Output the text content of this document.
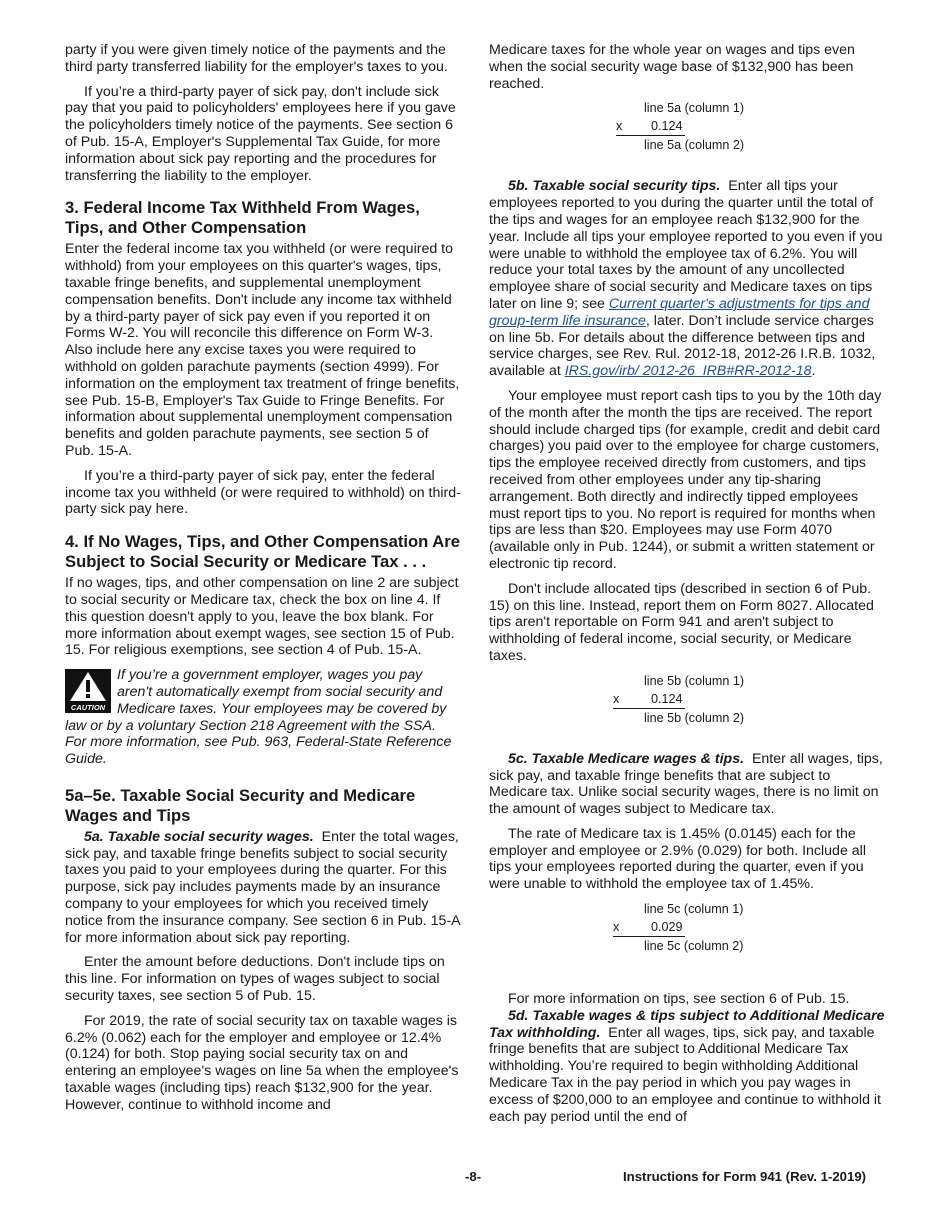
party if you were given timely notice of the payments and the third party transferred liability for the employer's taxes to you.

If you’re a third-party payer of sick pay, don't include sick pay that you paid to policyholders' employees here if you gave the policyholders timely notice of the payments. See section 6 of Pub. 15-A, Employer's Supplemental Tax Guide, for more information about sick pay reporting and the procedures for transferring the liability to the employer.

3. Federal Income Tax Withheld From Wages, Tips, and Other Compensation

Enter the federal income tax you withheld (or were required to withhold) from your employees on this quarter's wages, tips, taxable fringe benefits, and supplemental unemployment compensation benefits. Don't include any income tax withheld by a third-party payer of sick pay even if you reported it on Forms W-2. You will reconcile this difference on Form W-3. Also include here any excise taxes you were required to withhold on golden parachute payments (section 4999). For information on the employment tax treatment of fringe benefits, see Pub. 15-B, Employer's Tax Guide to Fringe Benefits. For information about supplemental unemployment compensation benefits and golden parachute payments, see section 5 of Pub. 15-A.

If you’re a third-party payer of sick pay, enter the federal income tax you withheld (or were required to withhold) on third-party sick pay here.

4. If No Wages, Tips, and Other Compensation Are Subject to Social Security or Medicare Tax . . .

If no wages, tips, and other compensation on line 2 are subject to social security or Medicare tax, check the box on line 4. If this question doesn't apply to you, leave the box blank. For more information about exempt wages, see section 15 of Pub. 15. For religious exemptions, see section 4 of Pub. 15-A.

CAUTION
If you’re a government employer, wages you pay aren't automatically exempt from social security and Medicare taxes. Your employees may be covered by law or by a voluntary Section 218 Agreement with the SSA. For more information, see Pub. 963, Federal-State Reference Guide.
5a–5e. Taxable Social Security and Medicare Wages and Tips

5a. Taxable social security wages. Enter the total wages, sick pay, and taxable fringe benefits subject to social security taxes you paid to your employees during the quarter. For this purpose, sick pay includes payments made by an insurance company to your employees for which you received timely notice from the insurance company. See section 6 in Pub. 15-A for more information about sick pay reporting.

Enter the amount before deductions. Don't include tips on this line. For information on types of wages subject to social security taxes, see section 5 of Pub. 15.

For 2019, the rate of social security tax on taxable wages is 6.2% (0.062) each for the employer and employee or 12.4% (0.124) for both. Stop paying social security tax on and entering an employee's wages on line 5a when the employee's taxable wages (including tips) reach $132,900 for the year. However, continue to withhold income and

Medicare taxes for the whole year on wages and tips even when the social security wage base of $132,900 has been reached.

line 5a (column 1)
x 0.124
line 5a (column 2)

5b. Taxable social security tips. Enter all tips your employees reported to you during the quarter until the total of the tips and wages for an employee reach $132,900 for the year. Include all tips your employee reported to you even if you were unable to withhold the employee tax of 6.2%. You will reduce your total taxes by the amount of any uncollected employee share of social security and Medicare taxes on tips later on line 9; see Current quarter's adjustments for tips and group-term life insurance, later. Don’t include service charges on line 5b. For details about the difference between tips and service charges, see Rev. Rul. 2012-18, 2012-26 I.R.B. 1032, available at IRS.gov/irb/ 2012-26_IRB#RR-2012-18.

Your employee must report cash tips to you by the 10th day of the month after the month the tips are received. The report should include charged tips (for example, credit and debit card charges) you paid over to the employee for charge customers, tips the employee received directly from customers, and tips received from other employees under any tip-sharing arrangement. Both directly and indirectly tipped employees must report tips to you. No report is required for months when tips are less than $20. Employees may use Form 4070 (available only in Pub. 1244), or submit a written statement or electronic tip record.

Don't include allocated tips (described in section 6 of Pub. 15) on this line. Instead, report them on Form 8027. Allocated tips aren't reportable on Form 941 and aren't subject to withholding of federal income, social security, or Medicare taxes.

line 5b (column 1)
x	0.124
line 5b (column 2)

5c. Taxable Medicare wages & tips. Enter all wages, tips, sick pay, and taxable fringe benefits that are subject to Medicare tax. Unlike social security wages, there is no limit on the amount of wages subject to Medicare tax.

The rate of Medicare tax is 1.45% (0.0145) each for the employer and employee or 2.9% (0.029) for both. Include all tips your employees reported during the quarter, even if you were unable to withhold the employee tax of 1.45%.

line 5c (column 1)
x	0.029
line 5c (column 2)

For more information on tips, see section 6 of Pub. 15.

5d. Taxable wages & tips subject to Additional Medicare Tax withholding. Enter all wages, tips, sick pay, and taxable fringe benefits that are subject to Additional Medicare Tax withholding. You’re required to begin withholding Additional Medicare Tax in the pay period in which you pay wages in excess of $200,000 to an employee and continue to withhold it each pay period until the end of

-8-	Instructions for Form 941 (Rev. 1-2019)
